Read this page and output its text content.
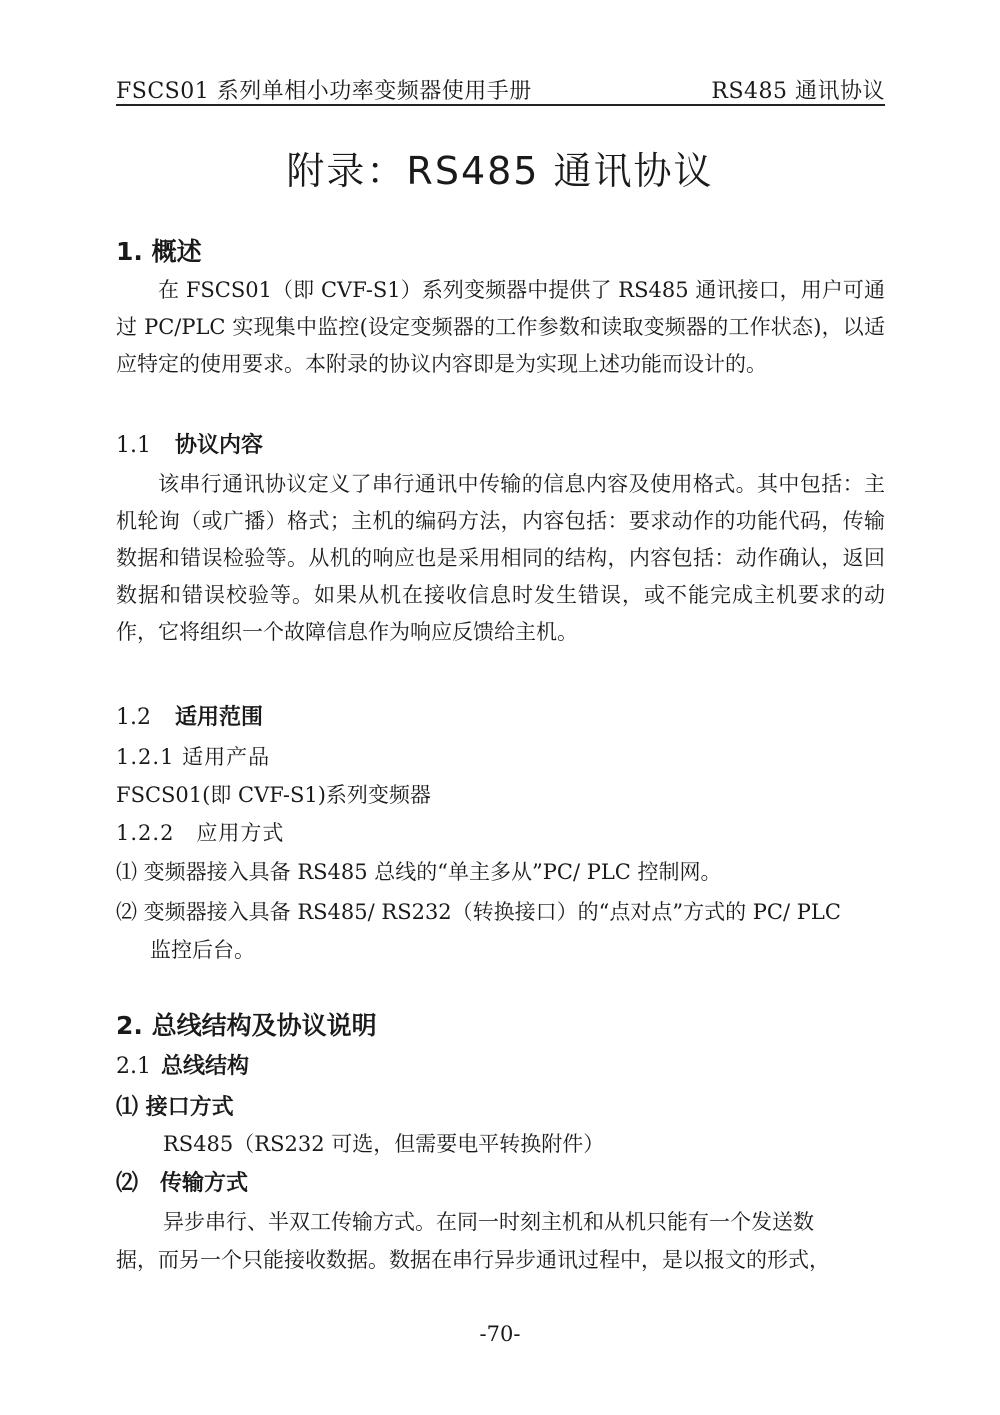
FSCS01 系列单相小功率变频器使用手册	RS485 通讯协议
附录：RS485 通讯协议
1. 概述
在 FSCS01（即 CVF-S1）系列变频器中提供了 RS485 通讯接口，用户可通过 PC/PLC 实现集中监控(设定变频器的工作参数和读取变频器的工作状态)，以适应特定的使用要求。本附录的协议内容即是为实现上述功能而设计的。
1.1 协议内容
该串行通讯协议定义了串行通讯中传输的信息内容及使用格式。其中包括：主机轮询（或广播）格式；主机的编码方法，内容包括：要求动作的功能代码，传输数据和错误检验等。从机的响应也是采用相同的结构，内容包括：动作确认，返回数据和错误校验等。如果从机在接收信息时发生错误，或不能完成主机要求的动作，它将组织一个故障信息作为响应反馈给主机。
1.2 适用范围
1.2.1 适用产品
FSCS01(即 CVF-S1)系列变频器
1.2.2　应用方式
⑴ 变频器接入具备 RS485 总线的“单主多从”PC/ PLC 控制网。
⑵ 变频器接入具备 RS485/ RS232（转换接口）的“点对点”方式的 PC/ PLC
监控后台。
2. 总线结构及协议说明
2.1 总线结构
⑴ 接口方式
RS485（RS232 可选，但需要电平转换附件）
⑵　传输方式
异步串行、半双工传输方式。在同一时刻主机和从机只能有一个发送数
据，而另一个只能接收数据。数据在串行异步通讯过程中，是以报文的形式，
-70-
